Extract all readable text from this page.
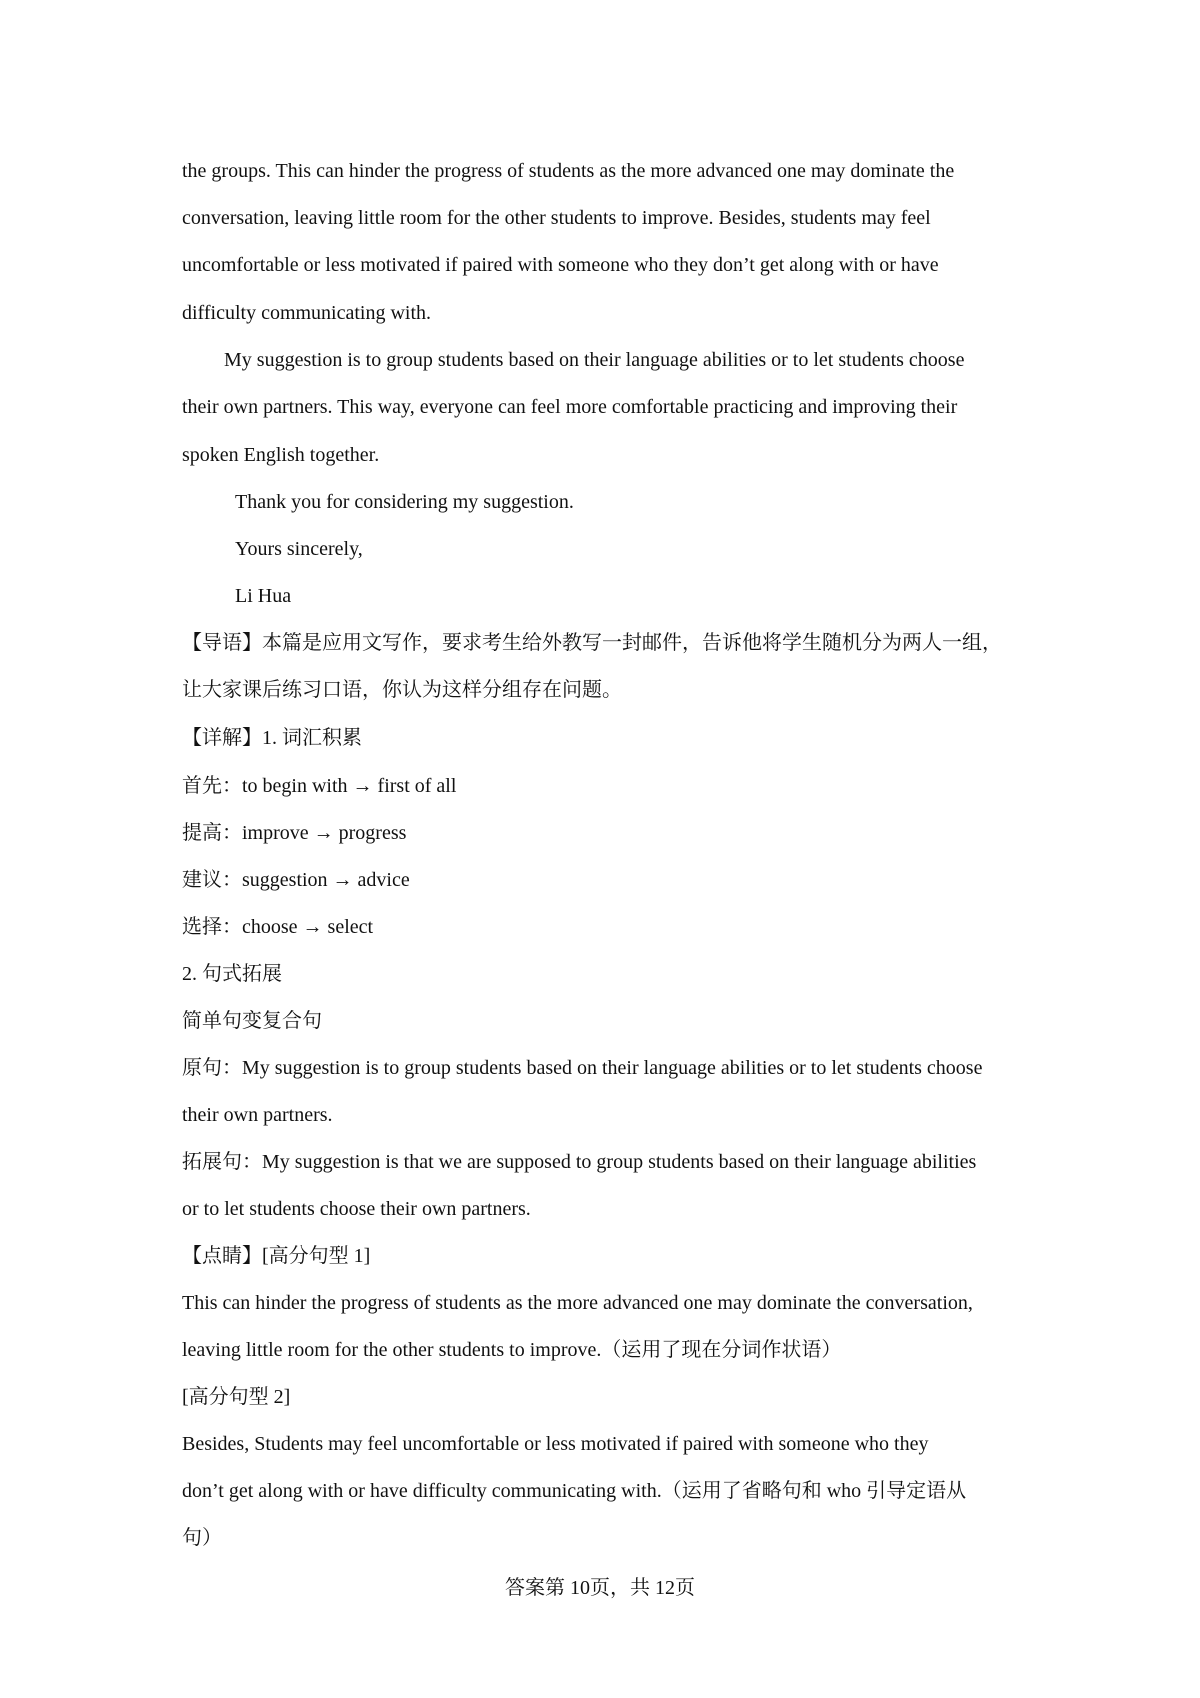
the groups. This can hinder the progress of students as the more advanced one may dominate the

conversation, leaving little room for the other students to improve. Besides, students may feel

uncomfortable or less motivated if paired with someone who they don’t get along with or have

difficulty communicating with.

My suggestion is to group students based on their language abilities or to let students choose

their own partners. This way, everyone can feel more comfortable practicing and improving their

spoken English together.

Thank you for considering my suggestion.

Yours sincerely,

Li Hua

【导语】本篇是应用文写作，要求考生给外教写一封邮件，告诉他将学生随机分为两人一组，

让大家课后练习口语，你认为这样分组存在问题。

【详解】1. 词汇积累

首先：to begin with → first of all

提高：improve → progress

建议：suggestion → advice

选择：choose → select

2. 句式拓展

简单句变复合句

原句：My suggestion is to group students based on their language abilities or to let students choose

their own partners.

拓展句：My suggestion is that we are supposed to group students based on their language abilities

or to let students choose their own partners.

【点睛】[高分句型 1]

This can hinder the progress of students as the more advanced one may dominate the conversation,

leaving little room for the other students to improve.（运用了现在分词作状语）

[高分句型 2]

Besides, Students may feel uncomfortable or less motivated if paired with someone who they

don’t get along with or have difficulty communicating with.（运用了省略句和 who 引导定语从

句）

答案第 10页，共 12页
